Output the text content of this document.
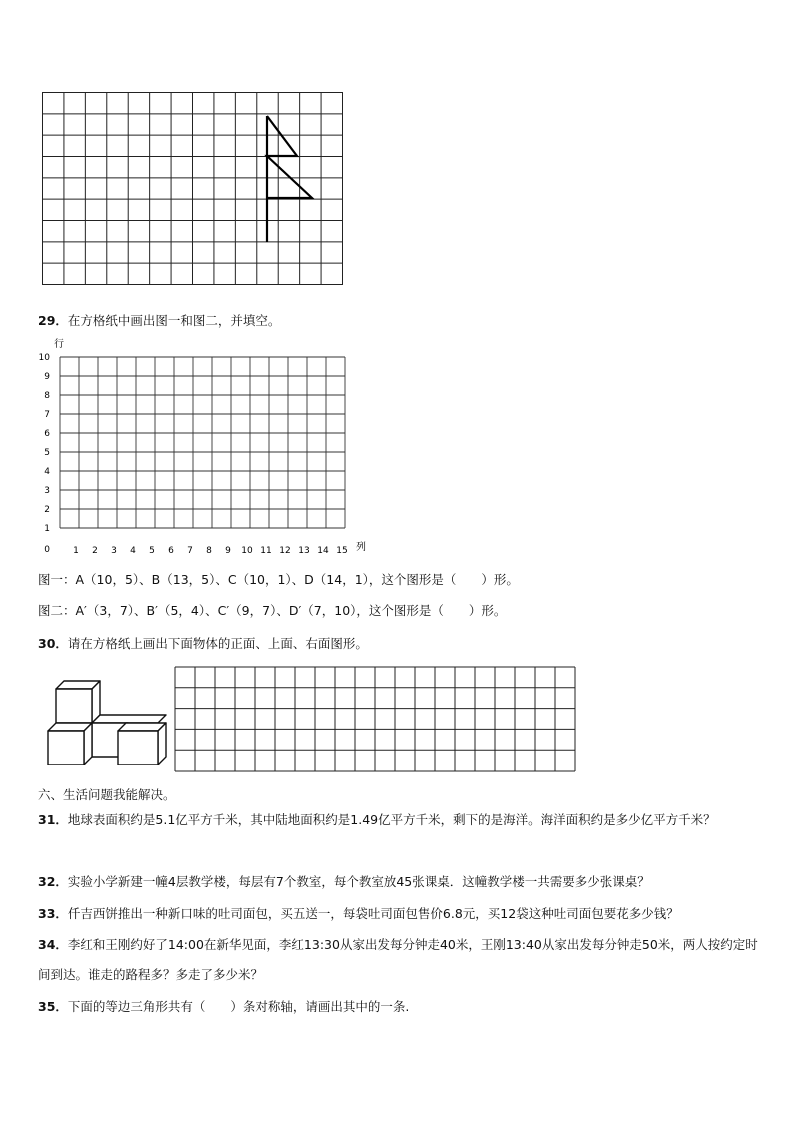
29．在方格纸中画出图一和图二，并填空。
行
列
0
1
2
3
4
5
6
7
8
9
10
1 2 3 4 5 6 7 8 9 10 11 12 13 14 15
图一：A（10，5）、B（13，5）、C（10，1）、D（14，1），这个图形是（　　）形。
图二：A′（3，7）、B′（5，4）、C′（9，7）、D′（7，10），这个图形是（　　）形。
30．请在方格纸上画出下面物体的正面、上面、右面图形。
六、生活问题我能解决。
31．地球表面积约是5.1亿平方千米，其中陆地面积约是1.49亿平方千米，剩下的是海洋。海洋面积约是多少亿平方千米？
32．实验小学新建一幢4层教学楼，每层有7个教室，每个教室放45张课桌．这幢教学楼一共需要多少张课桌？
33．仟吉西饼推出一种新口味的吐司面包，买五送一，每袋吐司面包售价6.8元，买12袋这种吐司面包要花多少钱？
34．李红和王刚约好了14:00在新华见面，李红13:30从家出发每分钟走40米，王刚13:40从家出发每分钟走50米，两人按约定时间到达。谁走的路程多？多走了多少米？
35．下面的等边三角形共有（　　）条对称轴，请画出其中的一条.
